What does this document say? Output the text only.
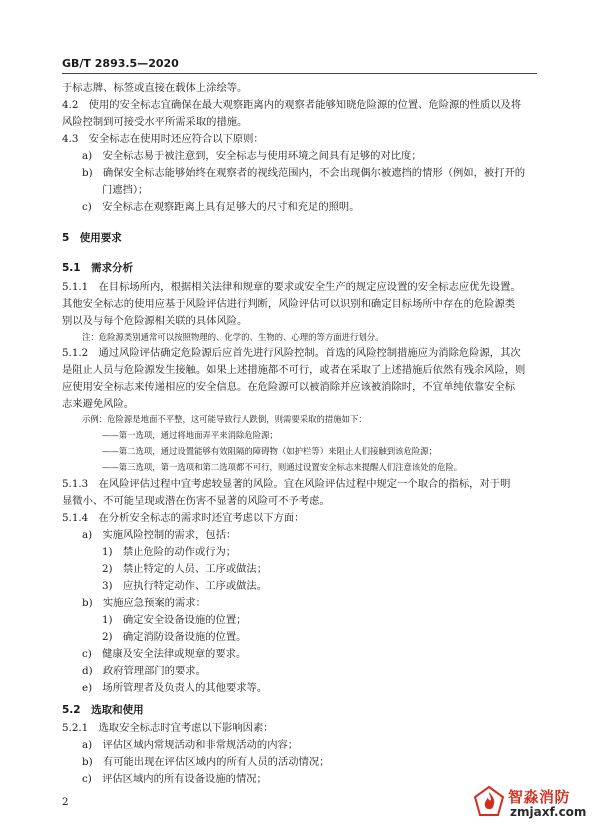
GB/T 2893.5—2020
于标志牌、标签或直接在载体上涂绘等。
4.2　使用的安全标志宜确保在最大观察距离内的观察者能够知晓危险源的位置、危险源的性质以及将
风险控制到可接受水平所需采取的措施。
4.3　安全标志在使用时还应符合以下原则：
a)　安全标志易于被注意到，安全标志与使用环境之间具有足够的对比度；
b)　确保安全标志能够始终在观察者的视线范围内，不会出现偶尔被遮挡的情形（例如，被打开的
门遮挡）；
c)　安全标志在观察距离上具有足够大的尺寸和充足的照明。
5　使用要求
5.1　需求分析
5.1.1　在目标场所内，根据相关法律和规章的要求或安全生产的规定应设置的安全标志应优先设置。
其他安全标志的使用应基于风险评估进行判断，风险评估可以识别和确定目标场所中存在的危险源类
别以及与每个危险源相关联的具体风险。
注：危险源类别通常可以按照物理的、化学的、生物的、心理的等方面进行划分。
5.1.2　通过风险评估确定危险源后应首先进行风险控制。首选的风险控制措施应为消除危险源，其次
是阻止人员与危险源发生接触。如果上述措施都不可行，或者在采取了上述措施后依然有残余风险，则
应使用安全标志来传递相应的安全信息。在危险源可以被消除并应该被消除时，不宜单纯依靠安全标
志来避免风险。
示例：危险源是地面不平整，这可能导致行人跌倒，则需要采取的措施如下：
——第一选项，通过将地面弄平来消除危险源；
——第二选项，通过设置能够有效阻隔的障碍物（如护栏等）来阻止人们接触到该危险源；
——第三选项，第一选项和第二选项都不可行，则通过设置安全标志来提醒人们注意该处的危险。
5.1.3　在风险评估过程中宜考虑较显著的风险。宜在风险评估过程中规定一个取合的指标，对于明
显微小、不可能呈现或潜在伤害不显著的风险可不予考虑。
5.1.4　在分析安全标志的需求时还宜考虑以下方面：
a)　实施风险控制的需求，包括：
1)　禁止危险的动作或行为；
2)　禁止特定的人员、工序或做法；
3)　应执行特定动作、工序或做法。
b)　实施应急预案的需求：
1)　确定安全设备设施的位置；
2)　确定消防设备设施的位置。
c)　健康及安全法律或规章的要求。
d)　政府管理部门的要求。
e)　场所管理者及负责人的其他要求等。
5.2　选取和使用
5.2.1　选取安全标志时宜考虑以下影响因素：
a)　评估区域内常规活动和非常规活动的内容；
b)　有可能出现在评估区域内的所有人员的活动情况；
c)　评估区域内的所有设备设施的情况；
2	智淼消防
zmjaxf.com
